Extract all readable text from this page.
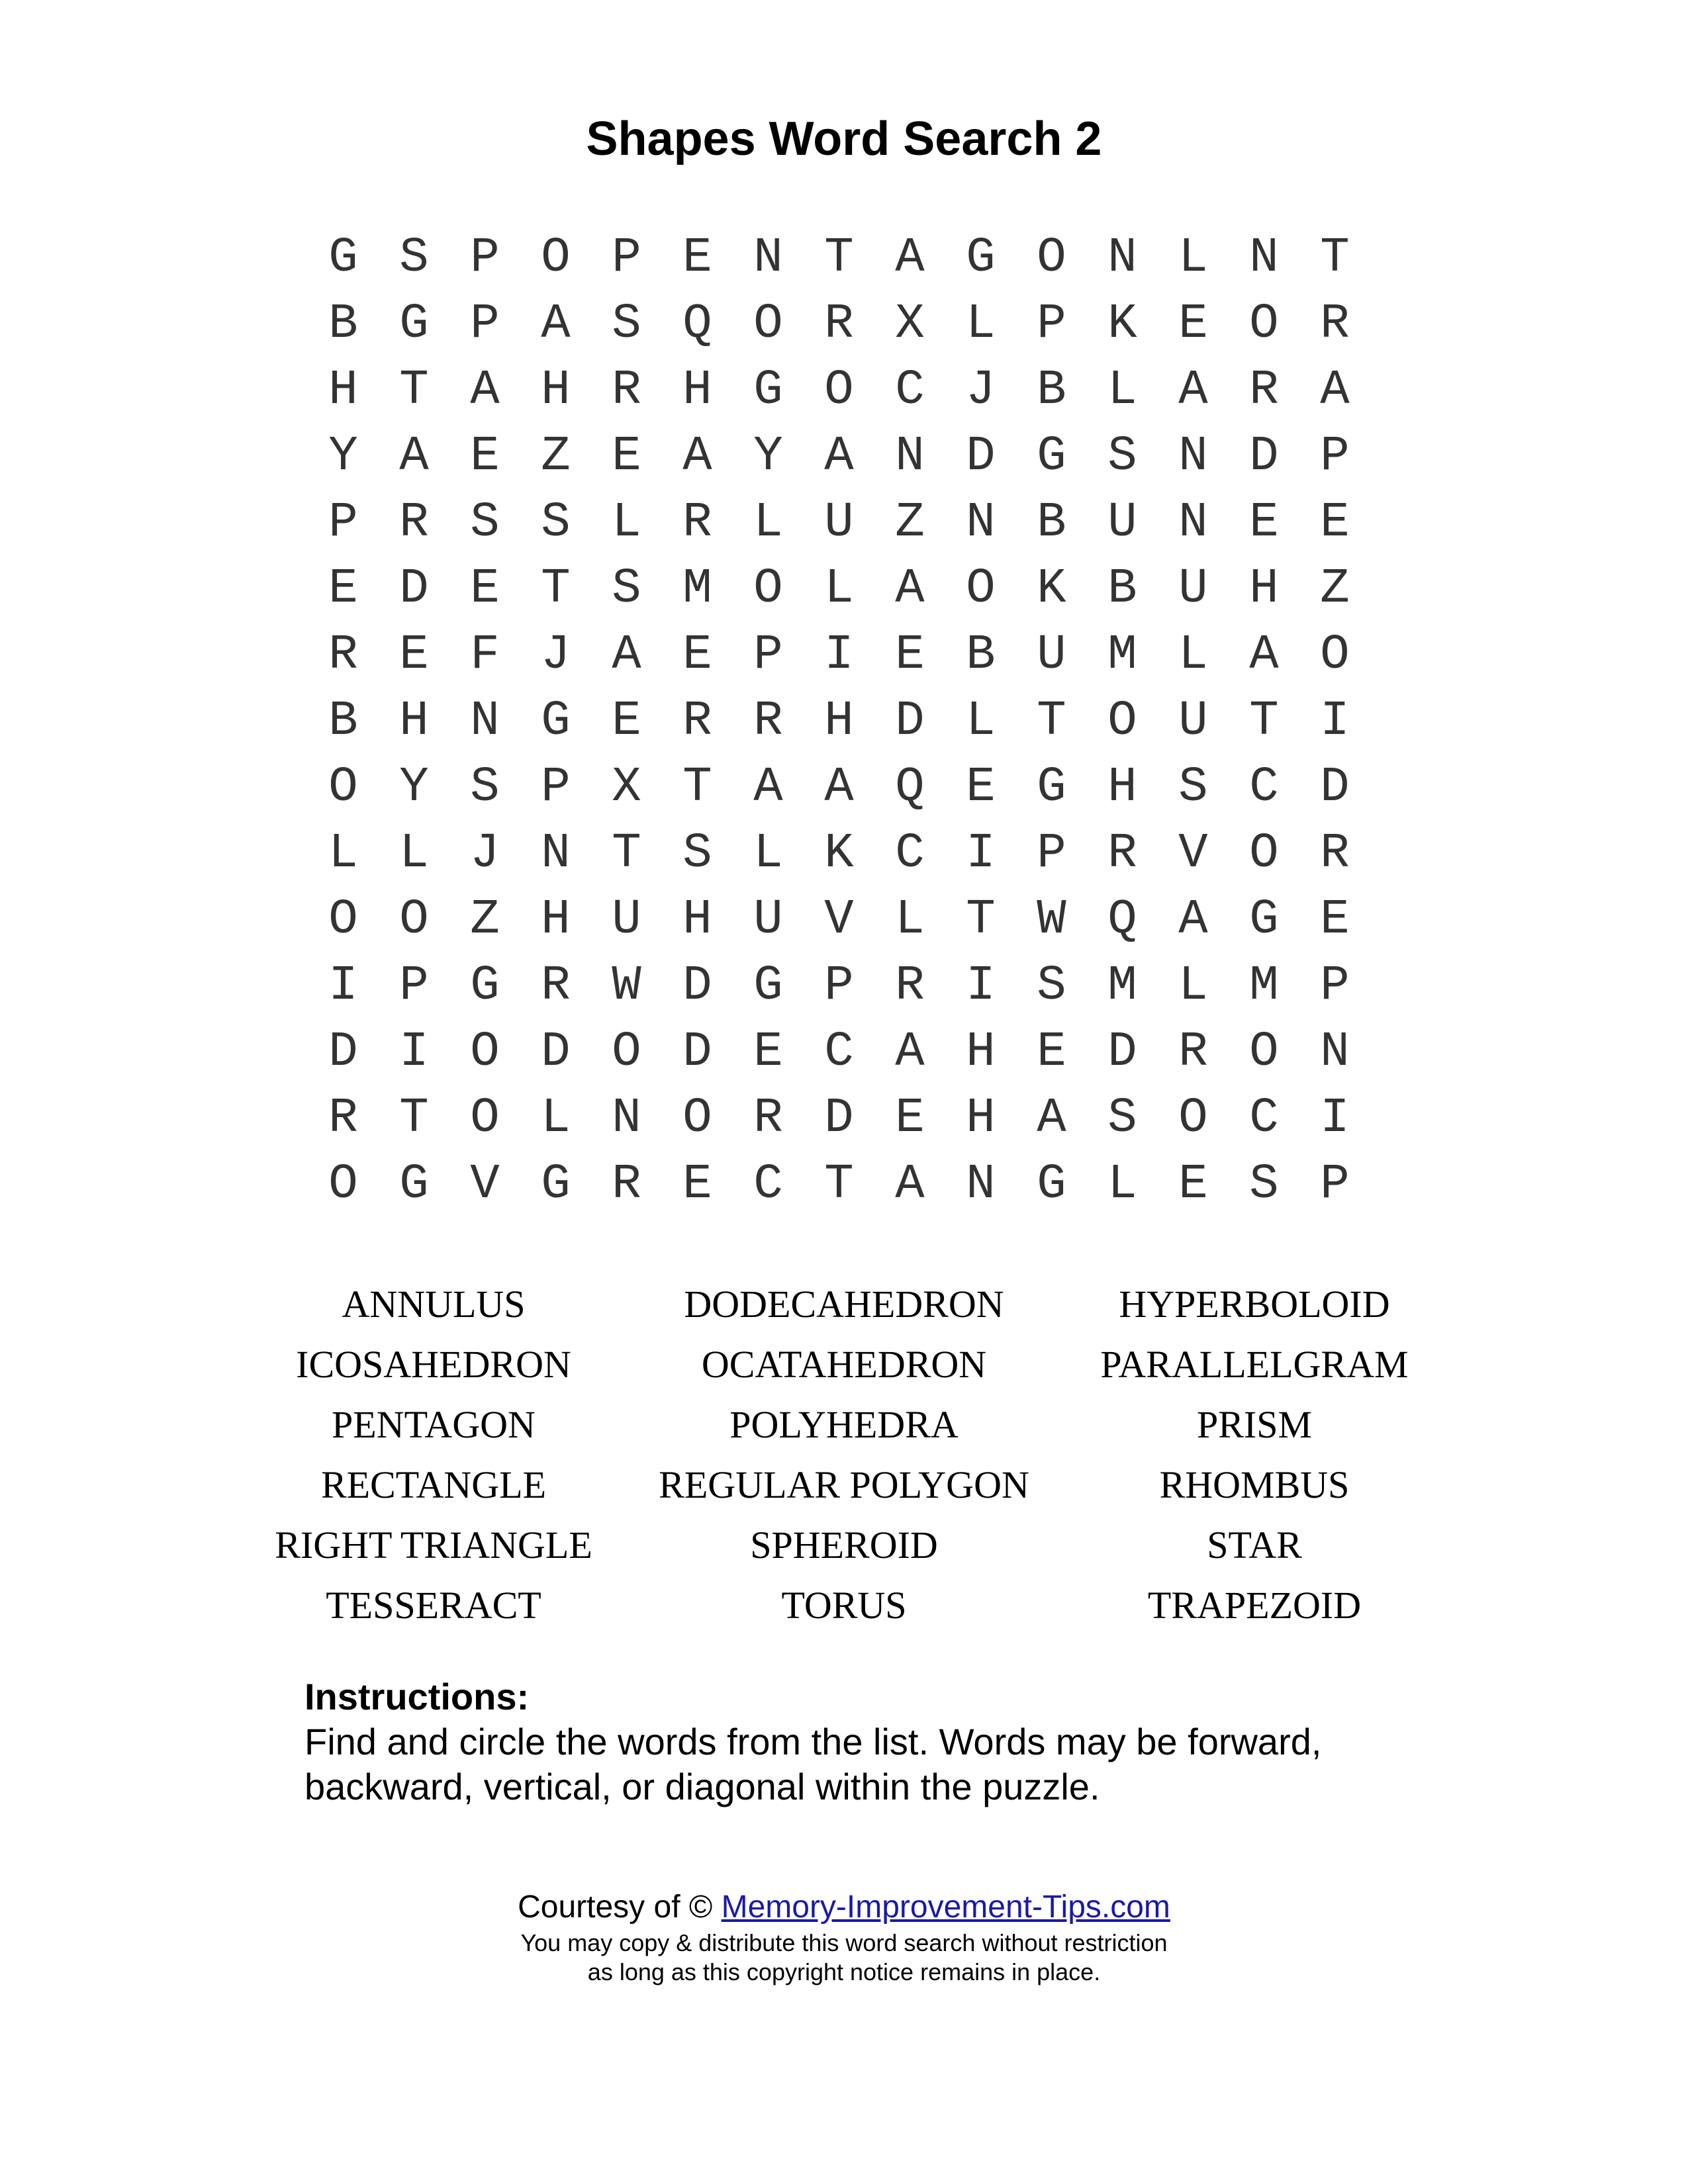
Shapes Word Search 2
G S P O P E N T A G O N L N T
B G P A S Q O R X L P K E O R
H T A H R H G O C J B L A R A
Y A E Z E A Y A N D G S N D P
P R S S L R L U Z N B U N E E
E D E T S M O L A O K B U H Z
R E F J A E P I E B U M L A O
B H N G E R R H D L T O U T I
O Y S P X T A A Q E G H S C D
L L J N T S L K C I P R V O R
O O Z H U H U V L T W Q A G E
I P G R W D G P R I S M L M P
D I O D O D E C A H E D R O N
R T O L N O R D E H A S O C I
O G V G R E C T A N G L E S P
ANNULUS	DODECAHEDRON	HYPERBOLOID
ICOSAHEDRON	OCATAHEDRON	PARALLELGRAM
PENTAGON	POLYHEDRA	PRISM
RECTANGLE	REGULAR POLYGON	RHOMBUS
RIGHT TRIANGLE	SPHEROID	STAR
TESSERACT	TORUS	TRAPEZOID
Instructions:
Find and circle the words from the list. Words may be forward, backward, vertical, or diagonal within the puzzle.
Courtesy of © Memory-Improvement-Tips.com
You may copy & distribute this word search without restriction
as long as this copyright notice remains in place.
